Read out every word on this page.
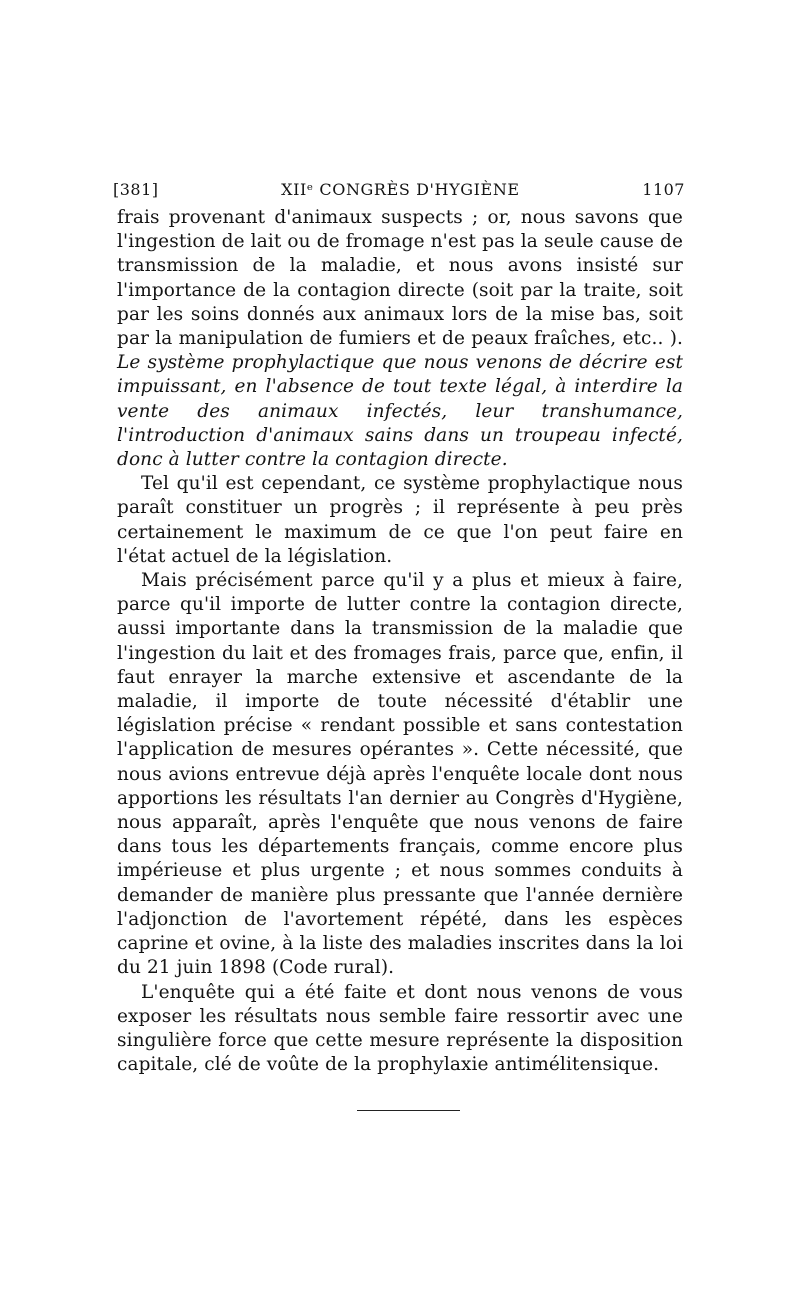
[381]	XIIᵉ CONGRÈS D'HYGIÈNE	1107

frais provenant d'animaux suspects ; or, nous savons que l'ingestion de lait ou de fromage n'est pas la seule cause de transmission de la maladie, et nous avons insisté sur l'importance de la contagion directe (soit par la traite, soit par les soins donnés aux animaux lors de la mise bas, soit par la manipulation de fumiers et de peaux fraîches, etc.. ). Le système prophylactique que nous venons de décrire est impuissant, en l'absence de tout texte légal, à interdire la vente des animaux infectés, leur transhumance, l'introduction d'animaux sains dans un troupeau infecté, donc à lutter contre la contagion directe.

Tel qu'il est cependant, ce système prophylactique nous paraît constituer un progrès ; il représente à peu près certainement le maximum de ce que l'on peut faire en l'état actuel de la législation.

Mais précisément parce qu'il y a plus et mieux à faire, parce qu'il importe de lutter contre la contagion directe, aussi importante dans la transmission de la maladie que l'ingestion du lait et des fromages frais, parce que, enfin, il faut enrayer la marche extensive et ascendante de la maladie, il importe de toute nécessité d'établir une législation précise « rendant possible et sans contestation l'application de mesures opérantes ». Cette nécessité, que nous avions entrevue déjà après l'enquête locale dont nous apportions les résultats l'an dernier au Congrès d'Hygiène, nous apparaît, après l'enquête que nous venons de faire dans tous les départements français, comme encore plus impérieuse et plus urgente ; et nous sommes conduits à demander de manière plus pressante que l'année dernière l'adjonction de l'avortement répété, dans les espèces caprine et ovine, à la liste des maladies inscrites dans la loi du 21 juin 1898 (Code rural).

L'enquête qui a été faite et dont nous venons de vous exposer les résultats nous semble faire ressortir avec une singulière force que cette mesure représente la disposition capitale, clé de voûte de la prophylaxie antimélitensique.
